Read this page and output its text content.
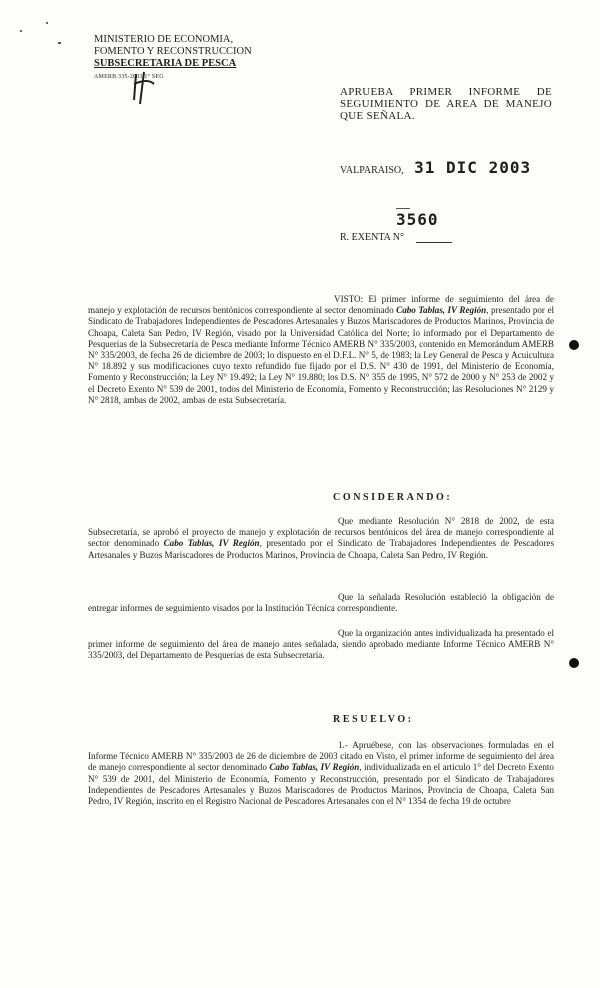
MINISTERIO DE ECONOMIA,
FOMENTO Y RECONSTRUCCION
SUBSECRETARIA DE PESCA
AMERB 335-2003 1° SEG
APRUEBA PRIMER INFORME DE SEGUIMIENTO DE AREA DE MANEJO QUE SEÑALA.
VALPARAISO, 31 DIC 2003
3560
R. EXENTA N°
VISTO: El primer informe de seguimiento del área de manejo y explotación de recursos bentónicos correspondiente al sector denominado Cabo Tablas, IV Región, presentado por el Sindicato de Trabajadores Independientes de Pescadores Artesanales y Buzos Mariscadores de Productos Marinos, Provincia de Choapa, Caleta San Pedro, IV Región, visado por la Universidad Católica del Norte; lo informado por el Departamento de Pesquerías de la Subsecretaría de Pesca mediante Informe Técnico AMERB N° 335/2003, contenido en Memorándum AMERB N° 335/2003, de fecha 26 de diciembre de 2003; lo dispuesto en el D.F.L. N° 5, de 1983; la Ley General de Pesca y Acuicultura N° 18.892 y sus modificaciones cuyo texto refundido fue fijado por el D.S. N° 430 de 1991, del Ministerio de Economía, Fomento y Reconstrucción; la Ley N° 19.492; la Ley N° 19.880; los D.S. N° 355 de 1995, N° 572 de 2000 y N° 253 de 2002 y el Decreto Exento N° 539 de 2001, todos del Ministerio de Economía, Fomento y Reconstrucción; las Resoluciones N° 2129 y N° 2818, ambas de 2002, ambas de esta Subsecretaría.
CONSIDERANDO:
Que mediante Resolución N° 2818 de 2002, de esta Subsecretaría, se aprobó el proyecto de manejo y explotación de recursos bentónicos del área de manejo correspondiente al sector denominado Cabo Tablas, IV Región, presentado por el Sindicato de Trabajadores Independientes de Pescadores Artesanales y Buzos Mariscadores de Productos Marinos, Provincia de Choapa, Caleta San Pedro, IV Región.
Que la señalada Resolución estableció la obligación de entregar informes de seguimiento visados por la Institución Técnica correspondiente.
Que la organización antes individualizada ha presentado el primer informe de seguimiento del área de manejo antes señalada, siendo aprobado mediante Informe Técnico AMERB N° 335/2003, del Departamento de Pesquerías de esta Subsecretaría.
RESUELVO:
1.- Apruébese, con las observaciones formuladas en el Informe Técnico AMERB N° 335/2003 de 26 de diciembre de 2003 citado en Visto, el primer informe de seguimiento del área de manejo correspondiente al sector denominado Cabo Tablas, IV Región, individualizada en el artículo 1° del Decreto Exento N° 539 de 2001, del Ministerio de Economía, Fomento y Reconstrucción, presentado por el Sindicato de Trabajadores Independientes de Pescadores Artesanales y Buzos Mariscadores de Productos Marinos, Provincia de Choapa, Caleta San Pedro, IV Región, inscrito en el Registro Nacional de Pescadores Artesanales con el N° 1354 de fecha 19 de octubre
